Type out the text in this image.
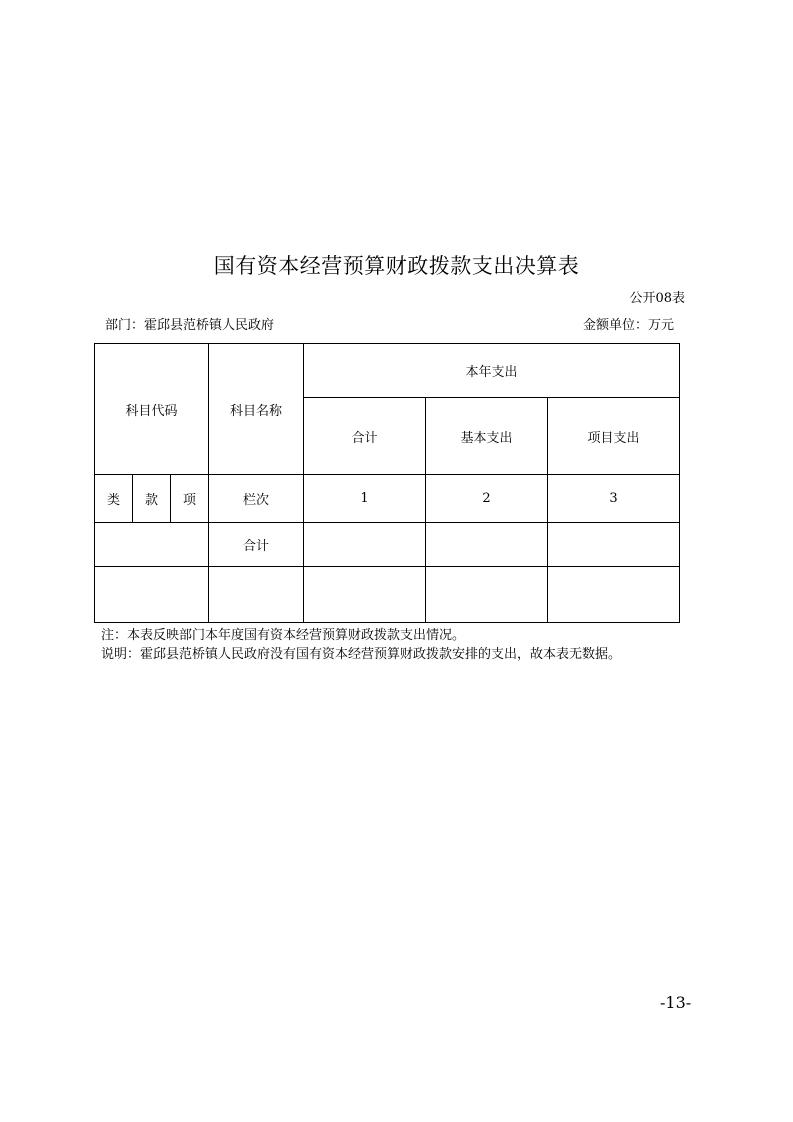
国有资本经营预算财政拨款支出决算表
公开08表
部门：霍邱县范桥镇人民政府	金额单位：万元
科目代码			科目名称	本年支出		
				合计	基本支出	项目支出
类	款	项	栏次	1	2	3
			合计			

注：本表反映部门本年度国有资本经营预算财政拨款支出情况。
说明：霍邱县范桥镇人民政府没有国有资本经营预算财政拨款安排的支出，故本表无数据。
-13-
